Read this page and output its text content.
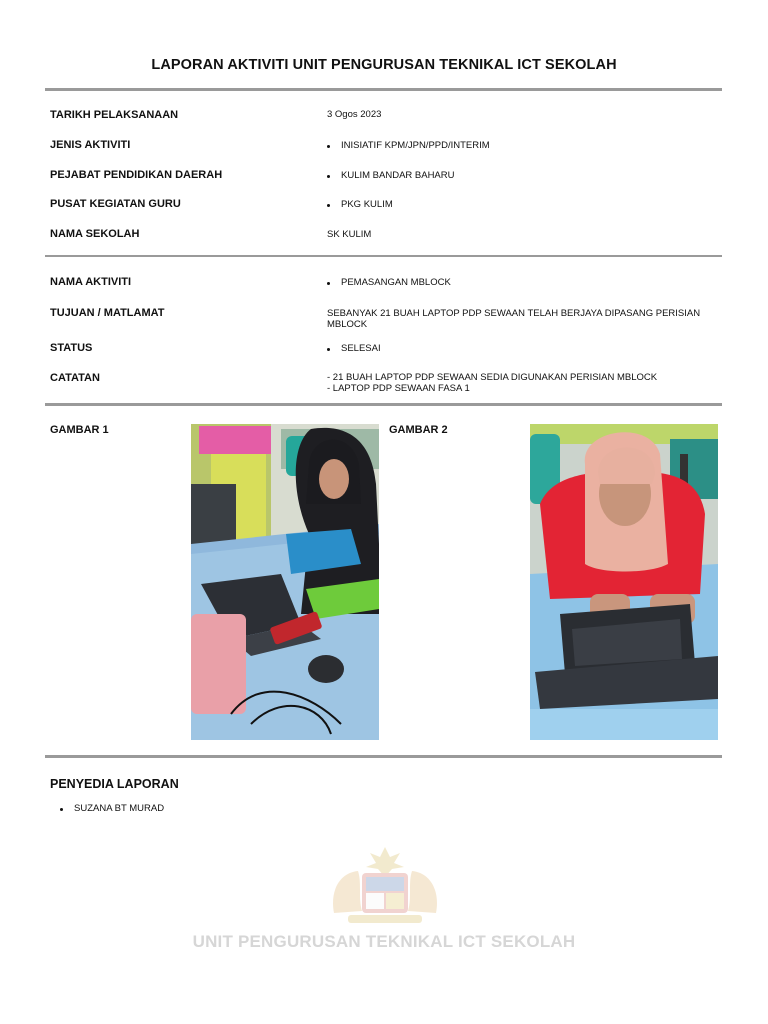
LAPORAN AKTIVITI UNIT PENGURUSAN TEKNIKAL ICT SEKOLAH
TARIKH PELAKSANAAN	3 Ogos 2023
JENIS AKTIVITI	INISIATIF KPM/JPN/PPD/INTERIM
PEJABAT PENDIDIKAN DAERAH	KULIM BANDAR BAHARU
PUSAT KEGIATAN GURU	PKG KULIM
NAMA SEKOLAH	SK KULIM
NAMA AKTIVITI	PEMASANGAN MBLOCK
TUJUAN / MATLAMAT	SEBANYAK 21 BUAH LAPTOP PDP SEWAAN TELAH BERJAYA DIPASANG PERISIAN MBLOCK
STATUS	SELESAI
CATATAN	- 21 BUAH LAPTOP PDP SEWAAN SEDIA DIGUNAKAN PERISIAN MBLOCK
- LAPTOP PDP SEWAAN FASA 1
GAMBAR 1	GAMBAR 2
PENYEDIA LAPORAN
SUZANA BT MURAD
UNIT PENGURUSAN TEKNIKAL ICT SEKOLAH
